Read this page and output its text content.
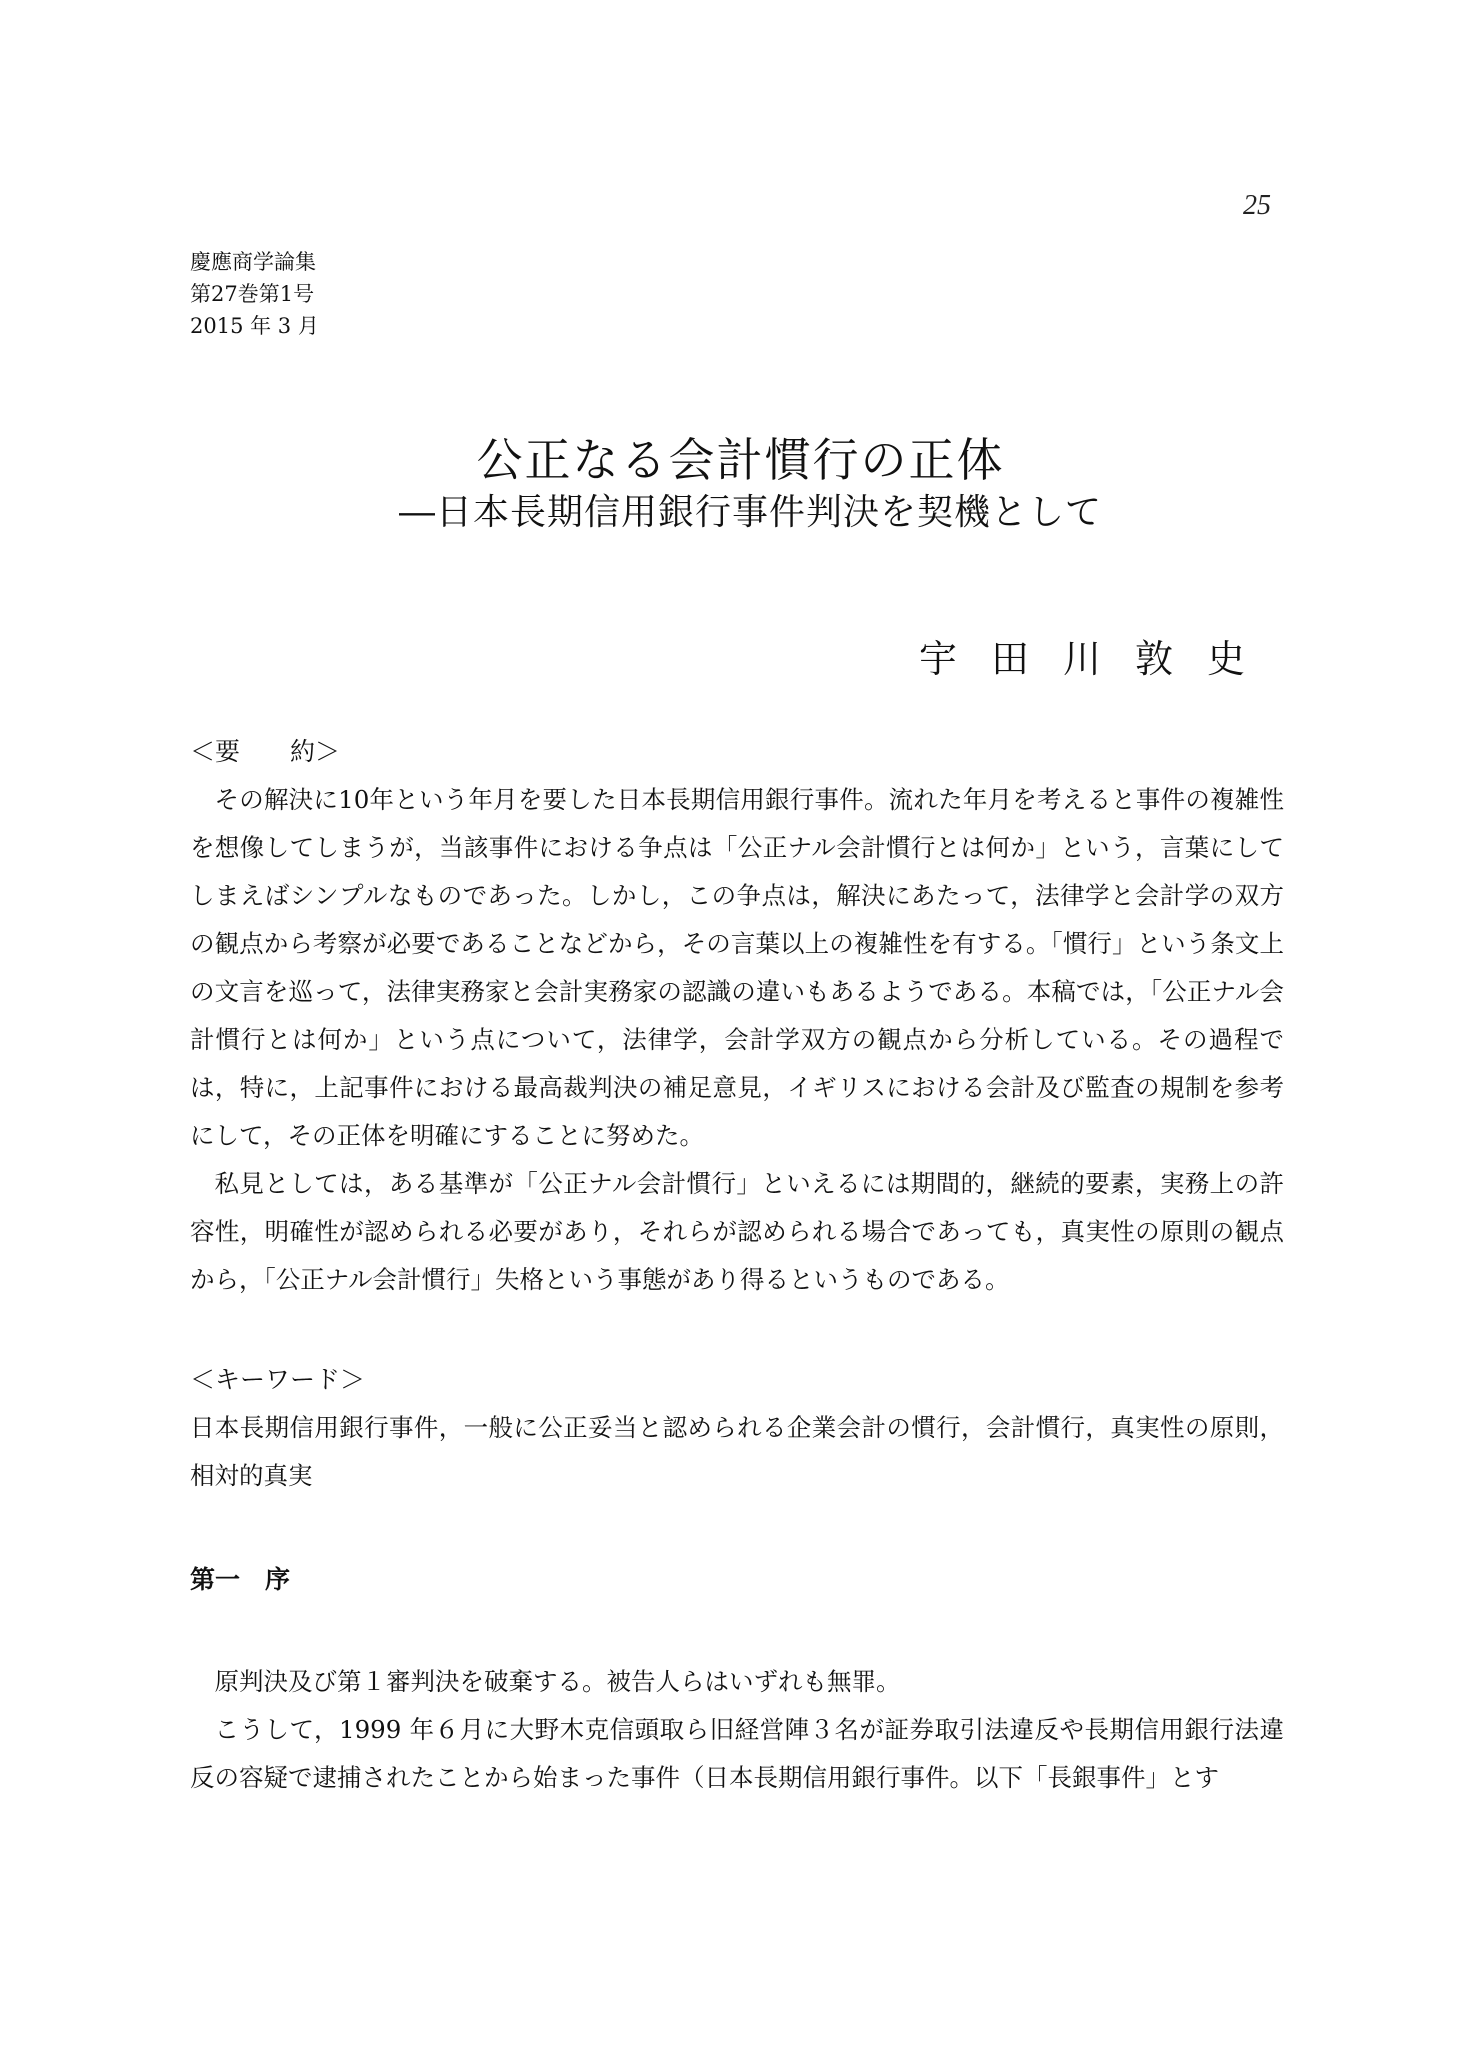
25
慶應商学論集
第27巻第1号
2015 年 3 月
公正なる会計慣行の正体
―日本長期信用銀行事件判決を契機として
宇田川敦史
＜要　　約＞

その解決に10年という年月を要した日本長期信用銀行事件。流れた年月を考えると事件の複雑性を想像してしまうが，当該事件における争点は「公正ナル会計慣行とは何か」という，言葉にしてしまえばシンプルなものであった。しかし，この争点は，解決にあたって，法律学と会計学の双方の観点から考察が必要であることなどから，その言葉以上の複雑性を有する。「慣行」という条文上の文言を巡って，法律実務家と会計実務家の認識の違いもあるようである。本稿では，「公正ナル会計慣行とは何か」という点について，法律学，会計学双方の観点から分析している。その過程では，特に，上記事件における最高裁判決の補足意見，イギリスにおける会計及び監査の規制を参考にして，その正体を明確にすることに努めた。

私見としては，ある基準が「公正ナル会計慣行」といえるには期間的，継続的要素，実務上の許容性，明確性が認められる必要があり，それらが認められる場合であっても，真実性の原則の観点から，「公正ナル会計慣行」失格という事態があり得るというものである。

＜キーワード＞

日本長期信用銀行事件，一般に公正妥当と認められる企業会計の慣行，会計慣行，真実性の原則，相対的真実

第一　序

原判決及び第１審判決を破棄する。被告人らはいずれも無罪。

こうして，1999 年６月に大野木克信頭取ら旧経営陣３名が証券取引法違反や長期信用銀行法違反の容疑で逮捕されたことから始まった事件（日本長期信用銀行事件。以下「長銀事件」とす
